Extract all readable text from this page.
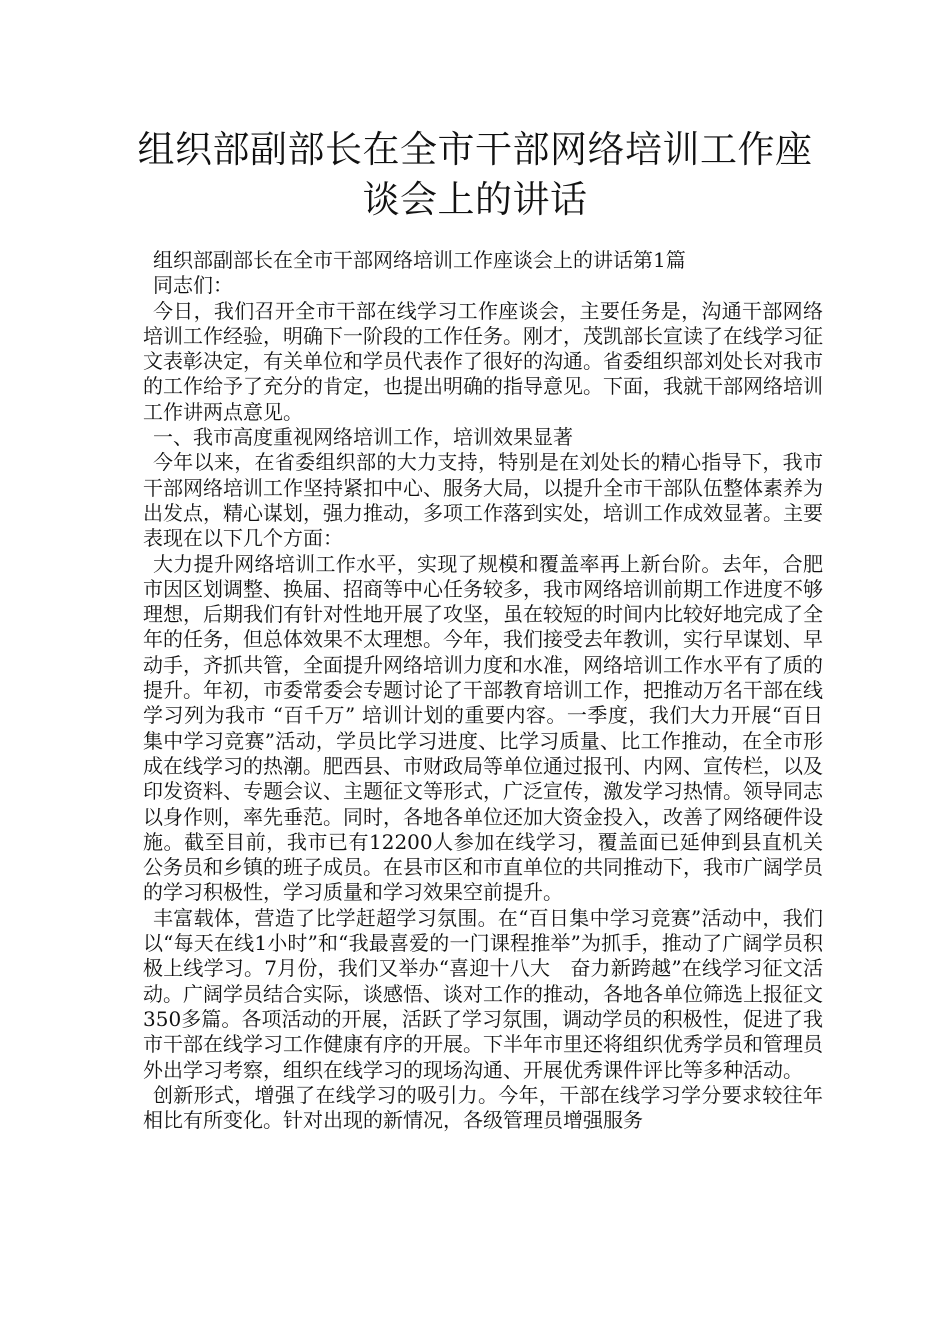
组织部副部长在全市干部网络培训工作座
谈会上的讲话

组织部副部长在全市干部网络培训工作座谈会上的讲话第1篇

同志们：

今日，我们召开全市干部在线学习工作座谈会，主要任务是，沟通干部网络培训工作经验，明确下一阶段的工作任务。刚才，茂凯部长宣读了在线学习征文表彰决定，有关单位和学员代表作了很好的沟通。省委组织部刘处长对我市的工作给予了充分的肯定，也提出明确的指导意见。下面，我就干部网络培训工作讲两点意见。

一、我市高度重视网络培训工作，培训效果显著

今年以来，在省委组织部的大力支持，特别是在刘处长的精心指导下，我市干部网络培训工作坚持紧扣中心、服务大局，以提升全市干部队伍整体素养为出发点，精心谋划，强力推动，多项工作落到实处，培训工作成效显著。主要表现在以下几个方面：

大力提升网络培训工作水平，实现了规模和覆盖率再上新台阶。去年，合肥市因区划调整、换届、招商等中心任务较多，我市网络培训前期工作进度不够理想，后期我们有针对性地开展了攻坚，虽在较短的时间内比较好地完成了全年的任务，但总体效果不太理想。今年，我们接受去年教训，实行早谋划、早动手，齐抓共管，全面提升网络培训力度和水准，网络培训工作水平有了质的提升。年初，市委常委会专题讨论了干部教育培训工作，把推动万名干部在线学习列为我市 “百千万” 培训计划的重要内容。一季度，我们大力开展“百日集中学习竞赛”活动，学员比学习进度、比学习质量、比工作推动，在全市形成在线学习的热潮。肥西县、市财政局等单位通过报刊、内网、宣传栏，以及印发资料、专题会议、主题征文等形式，广泛宣传，激发学习热情。领导同志以身作则，率先垂范。同时，各地各单位还加大资金投入，改善了网络硬件设施。截至目前，我市已有12200人参加在线学习，覆盖面已延伸到县直机关公务员和乡镇的班子成员。在县市区和市直单位的共同推动下，我市广阔学员的学习积极性，学习质量和学习效果空前提升。

丰富载体，营造了比学赶超学习氛围。在“百日集中学习竞赛”活动中，我们以“每天在线1小时”和“我最喜爱的一门课程推举”为抓手，推动了广阔学员积极上线学习。7月份，我们又举办“喜迎十八大　奋力新跨越”在线学习征文活动。广阔学员结合实际，谈感悟、谈对工作的推动，各地各单位筛选上报征文350多篇。各项活动的开展，活跃了学习氛围，调动学员的积极性，促进了我市干部在线学习工作健康有序的开展。下半年市里还将组织优秀学员和管理员外出学习考察，组织在线学习的现场沟通、开展优秀课件评比等多种活动。

创新形式，增强了在线学习的吸引力。今年，干部在线学习学分要求较往年相比有所变化。针对出现的新情况，各级管理员增强服务
